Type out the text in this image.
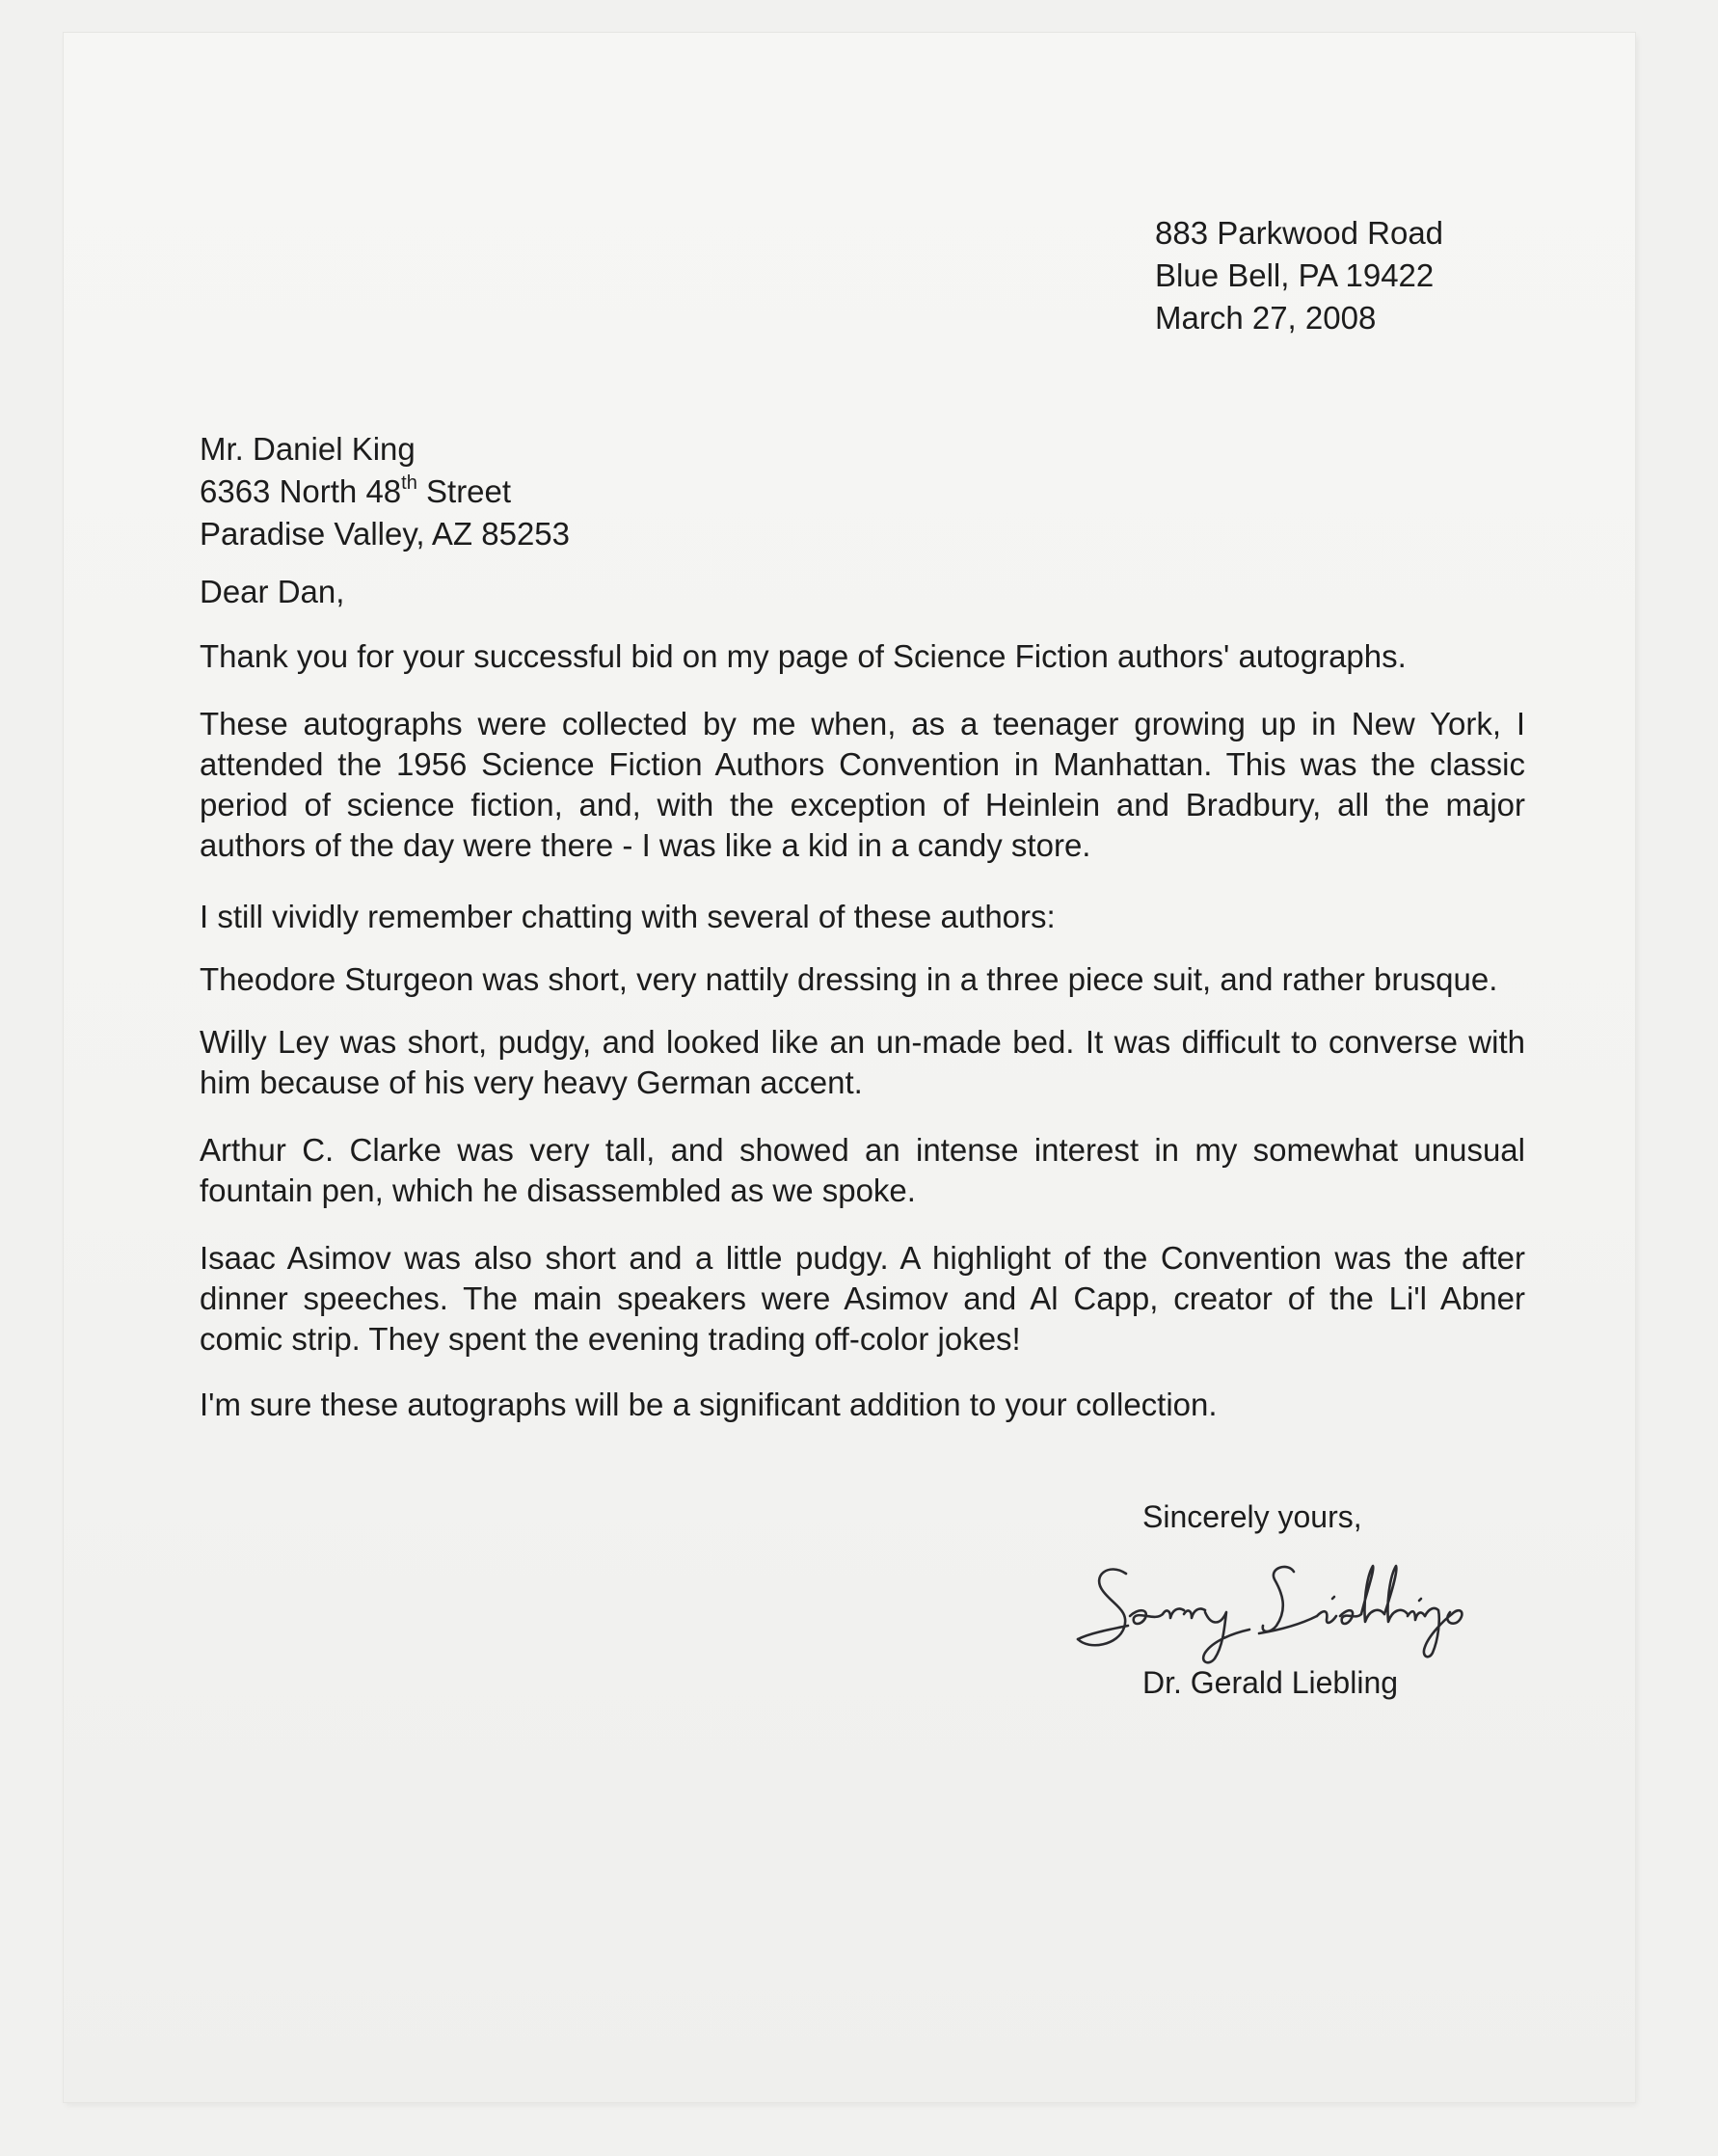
883 Parkwood Road
Blue Bell, PA 19422
March 27, 2008
Mr. Daniel King
6363 North 48th Street
Paradise Valley, AZ 85253

Dear Dan,

Thank you for your successful bid on my page of Science Fiction authors' autographs.

These autographs were collected by me when, as a teenager growing up in New York, I attended the 1956 Science Fiction Authors Convention in Manhattan. This was the classic period of science fiction, and, with the exception of Heinlein and Bradbury, all the major authors of the day were there - I was like a kid in a candy store.

I still vividly remember chatting with several of these authors:

Theodore Sturgeon was short, very nattily dressing in a three piece suit, and rather brusque.

Willy Ley was short, pudgy, and looked like an un-made bed. It was difficult to converse with him because of his very heavy German accent.

Arthur C. Clarke was very tall, and showed an intense interest in my somewhat unusual fountain pen, which he disassembled as we spoke.

Isaac Asimov was also short and a little pudgy. A highlight of the Convention was the after dinner speeches. The main speakers were Asimov and Al Capp, creator of the Li'l Abner comic strip. They spent the evening trading off-color jokes!

I'm sure these autographs will be a significant addition to your collection.

Sincerely yours,

Dr. Gerald Liebling
